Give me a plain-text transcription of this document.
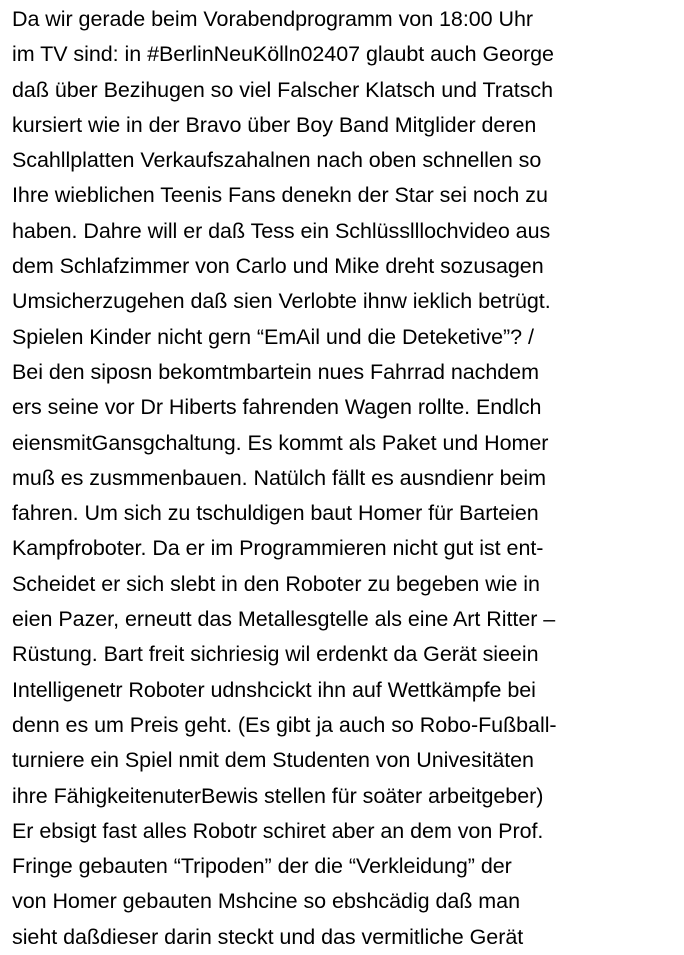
Da wir gerade beim Vorabendprogramm von 18:00 Uhr
im TV sind: in #BerlinNeuKölln02407 glaubt auch George
daß über Bezihugen so viel Falscher Klatsch und Tratsch
kursiert wie in der Bravo über Boy Band Mitglider deren
Scahllplatten Verkaufszahalnen nach oben schnellen so
Ihre wieblichen Teenis Fans denekn der Star sei noch zu
haben. Dahre will er daß Tess ein Schlüsslllochvideo aus
dem Schlafzimmer von Carlo und Mike dreht sozusagen
Umsicherzugehen daß sien Verlobte ihnw ieklich betrügt.
Spielen Kinder nicht gern “EmAil und die Deteketive”? /
Bei den siposn bekomtmbartein nues Fahrrad nachdem
ers seine vor Dr Hiberts fahrenden Wagen rollte. Endlch
eiensmitGansgchaltung. Es kommt als Paket und Homer
muß es zusmmenbauen. Natülch fällt es ausndienr beim
fahren. Um sich zu tschuldigen baut Homer für Barteien
Kampfroboter. Da er im Programmieren nicht gut ist ent-
Scheidet er sich slebt in den Roboter zu begeben wie in
eien Pazer, erneutt das Metallesgtelle als eine Art Ritter –
Rüstung. Bart freit sichriesig wil erdenkt da Gerät sieein
Intelligenetr Roboter udnshcickt ihn auf Wettkämpfe bei
denn es um Preis geht. (Es gibt ja auch so Robo-Fußball-
turniere ein Spiel nmit dem Studenten von Univesitäten
ihre FähigkeitenuterBewis stellen für soäter arbeitgeber)
Er ebsigt fast alles Robotr schiret aber an dem von Prof.
Fringe gebauten “Tripoden” der die “Verkleidung” der
von Homer gebauten Mshcine so ebshcädig daß man
sieht daßdieser darin steckt und das vermitliche Gerät
